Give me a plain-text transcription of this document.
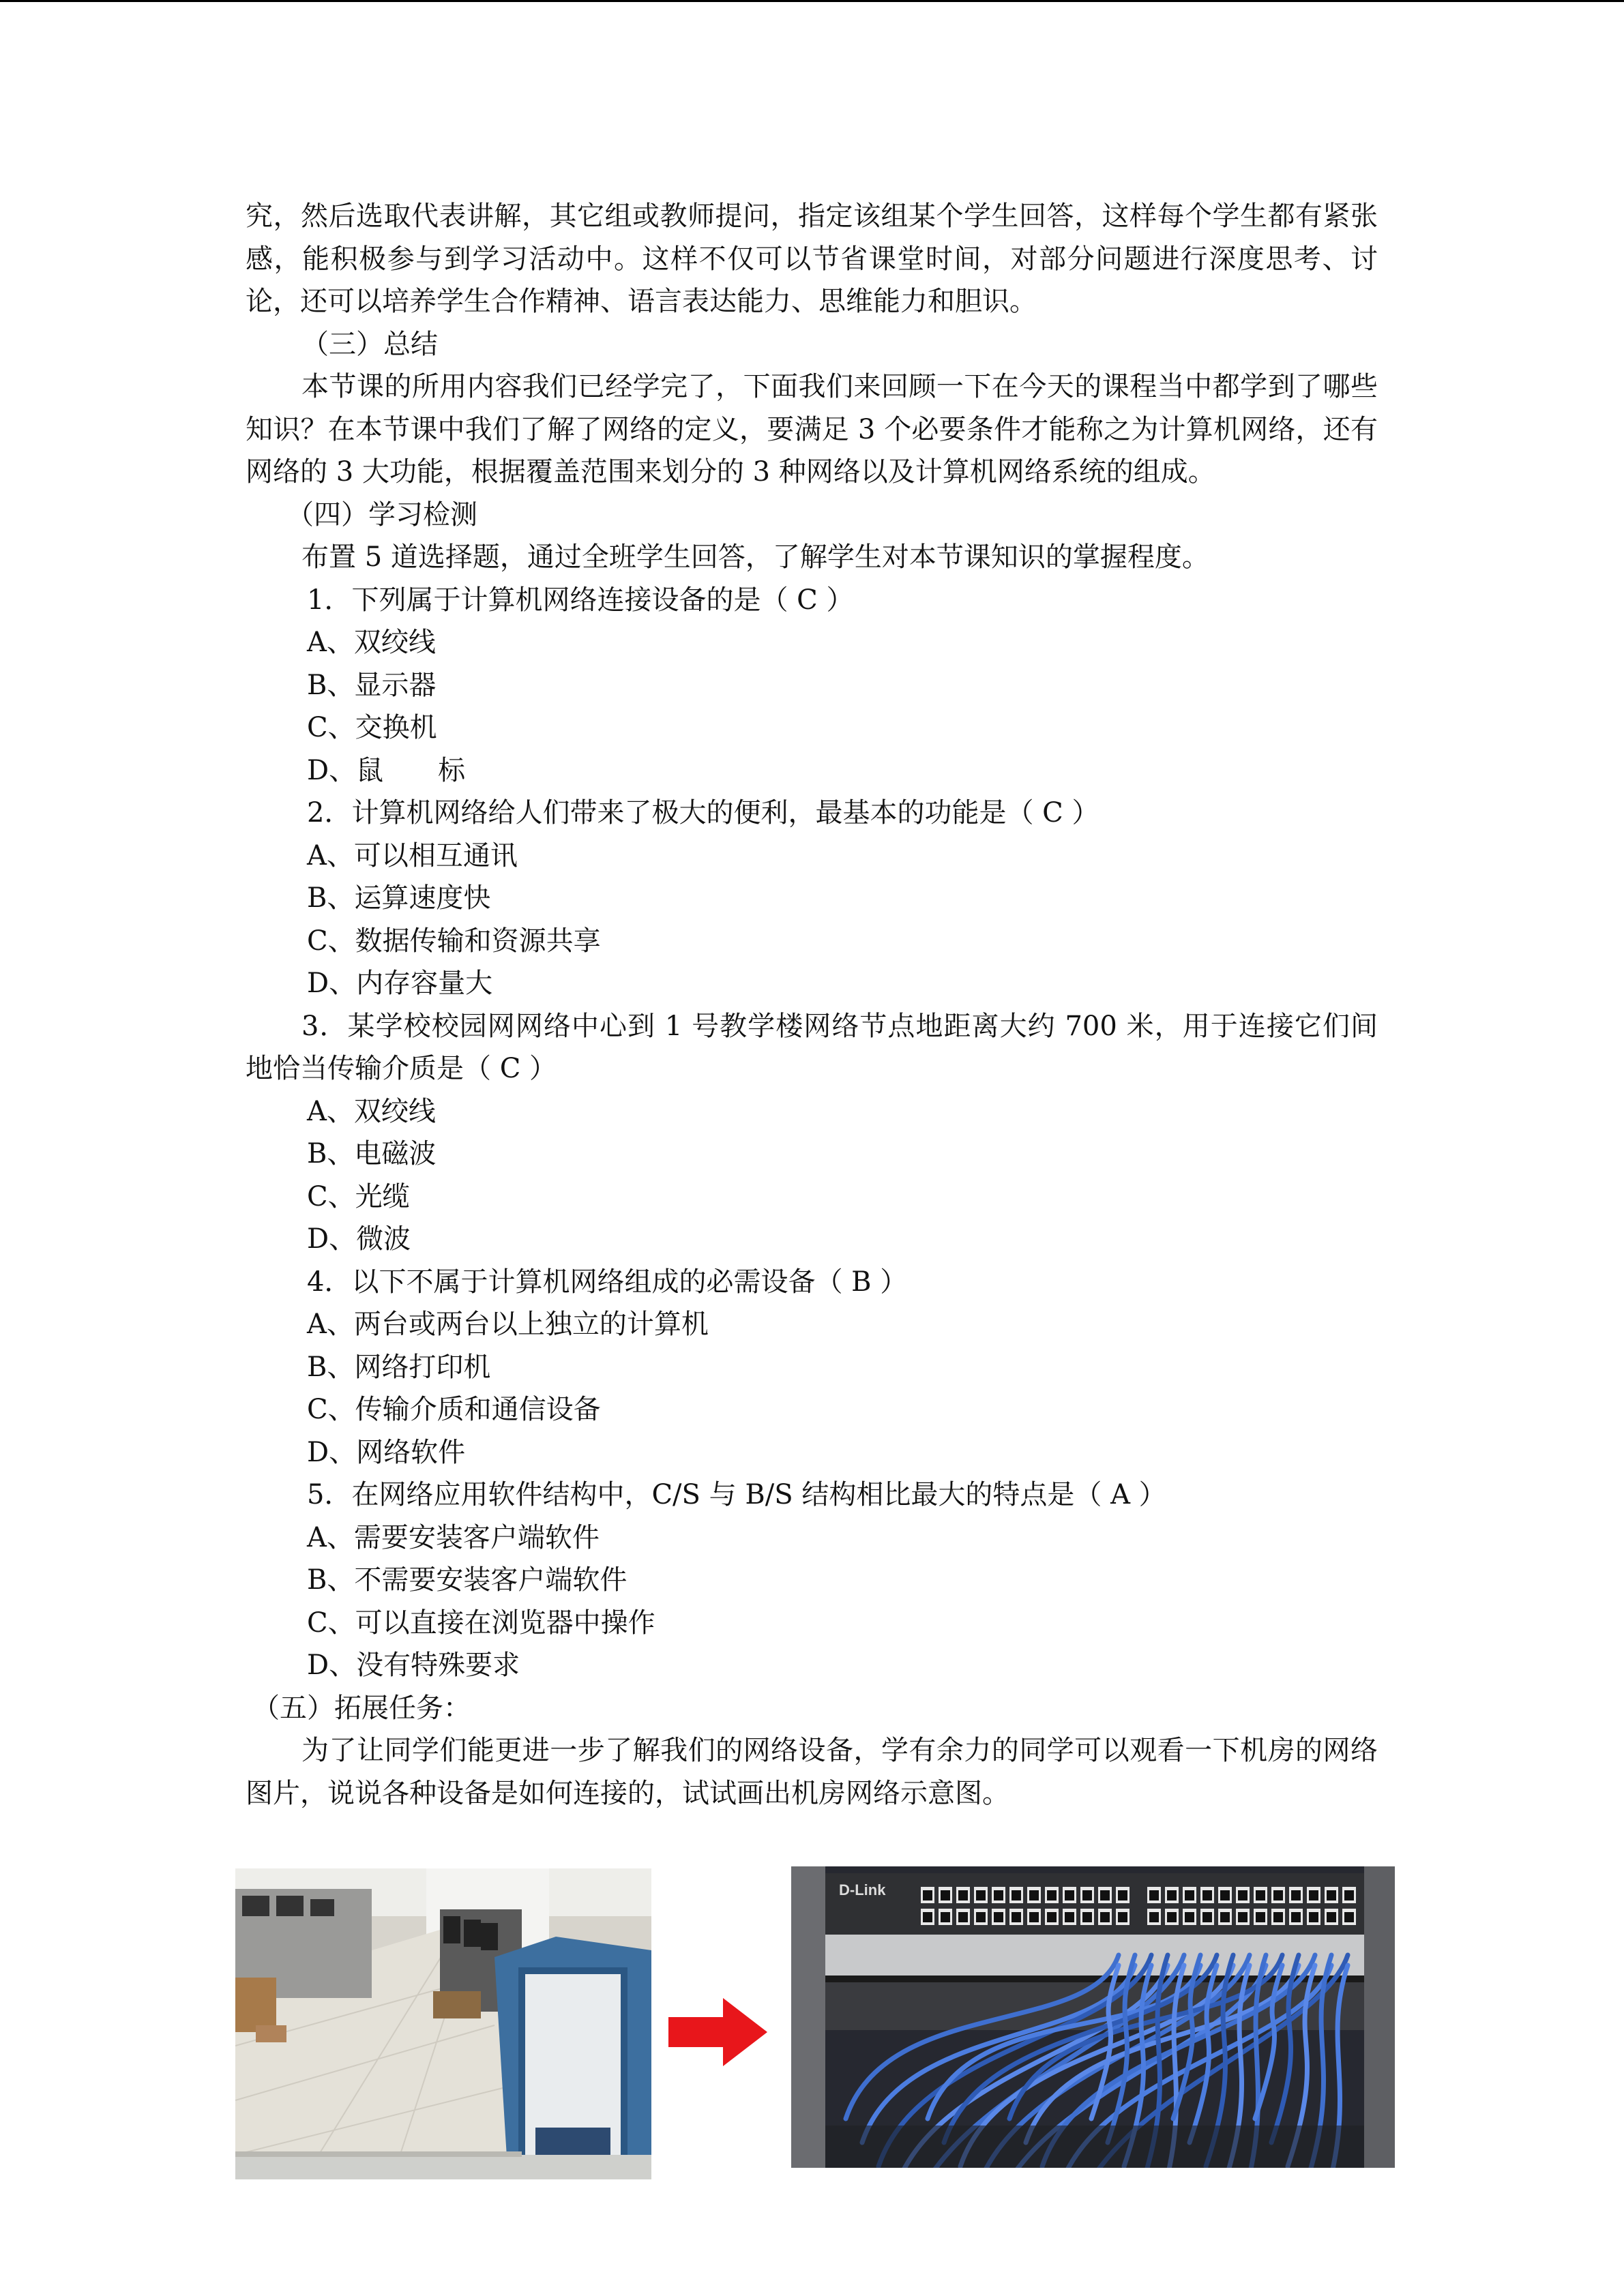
究，然后选取代表讲解，其它组或教师提问，指定该组某个学生回答，这样每个学生都有紧张感，能积极参与到学习活动中。这样不仅可以节省课堂时间，对部分问题进行深度思考、讨论，还可以培养学生合作精神、语言表达能力、思维能力和胆识。

（三）总结

本节课的所用内容我们已经学完了，下面我们来回顾一下在今天的课程当中都学到了哪些知识？在本节课中我们了解了网络的定义，要满足 3 个必要条件才能称之为计算机网络，还有网络的 3 大功能，根据覆盖范围来划分的 3 种网络以及计算机网络系统的组成。

（四）学习检测

布置 5 道选择题，通过全班学生回答，了解学生对本节课知识的掌握程度。

1．下列属于计算机网络连接设备的是（ C ）

A、双绞线

B、显示器

C、交换机

D、鼠　　标

2．计算机网络给人们带来了极大的便利，最基本的功能是（ C ）

A、可以相互通讯

B、运算速度快

C、数据传输和资源共享

D、内存容量大

3．某学校校园网网络中心到 1 号教学楼网络节点地距离大约 700 米，用于连接它们间地恰当传输介质是（ C ）

A、双绞线

B、电磁波

C、光缆

D、微波

4．以下不属于计算机网络组成的必需设备（ B ）

A、两台或两台以上独立的计算机

B、网络打印机

C、传输介质和通信设备

D、网络软件

5．在网络应用软件结构中，C/S 与 B/S 结构相比最大的特点是（ A ）

A、需要安装客户端软件

B、不需要安装客户端软件

C、可以直接在浏览器中操作

D、没有特殊要求

（五）拓展任务：

为了让同学们能更进一步了解我们的网络设备，学有余力的同学可以观看一下机房的网络图片，说说各种设备是如何连接的，试试画出机房网络示意图。

D-Link
